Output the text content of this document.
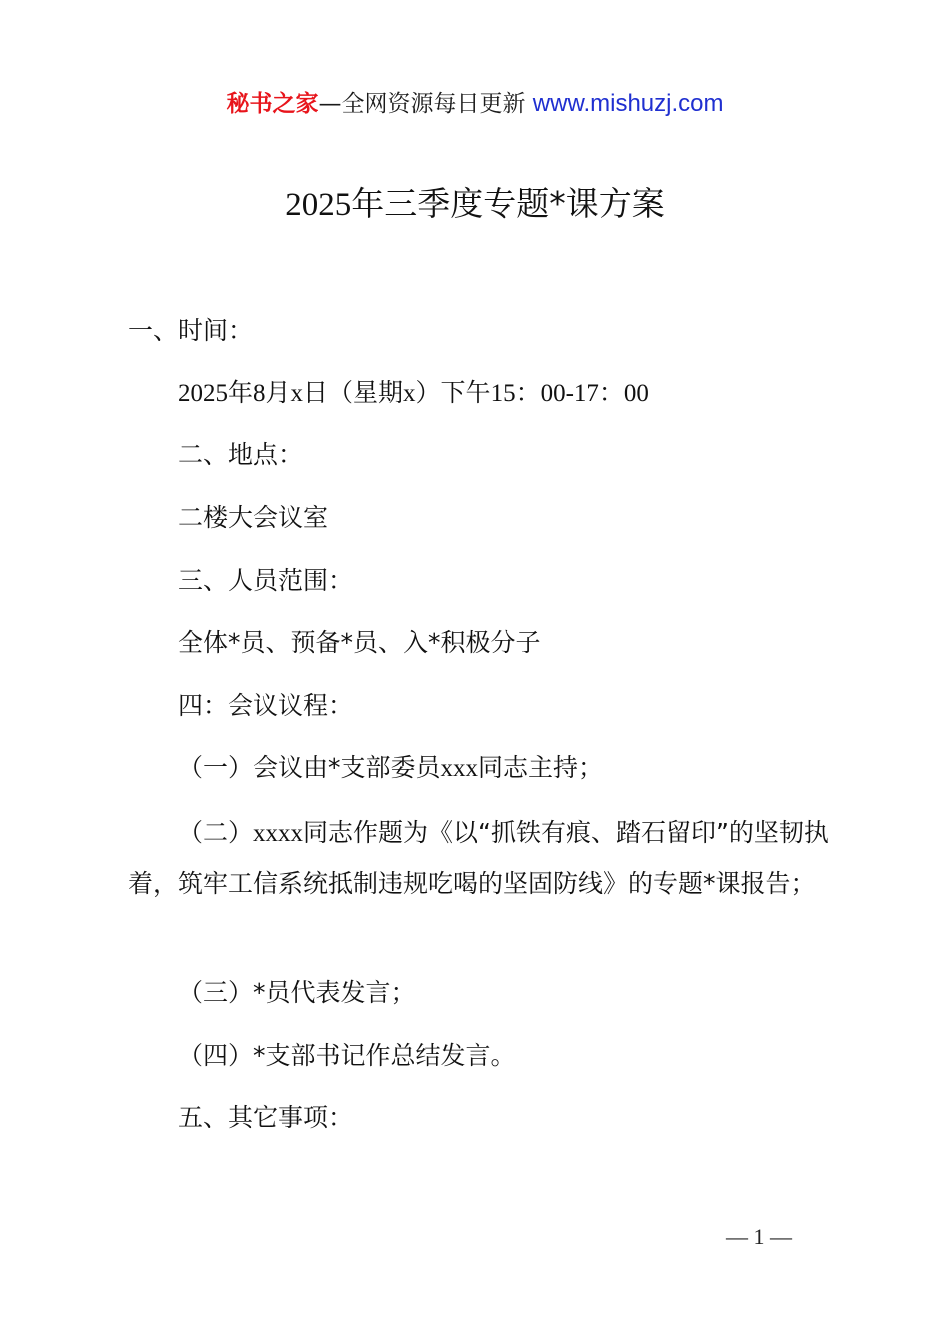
秘书之家—全网资源每日更新 www.mishuzj.com
2025年三季度专题*课方案
一、时间：
2025年8月x日（星期x）下午15：00-17：00
二、地点：
二楼大会议室
三、人员范围：
全体*员、预备*员、入*积极分子
四：会议议程：
（一）会议由*支部委员xxx同志主持；
（二）xxxx同志作题为《以“抓铁有痕、踏石留印”的坚韧执着，筑牢工信系统抵制违规吃喝的坚固防线》的专题*课报告；
（三）*员代表发言；
（四）*支部书记作总结发言。
五、其它事项：
— 1 —
